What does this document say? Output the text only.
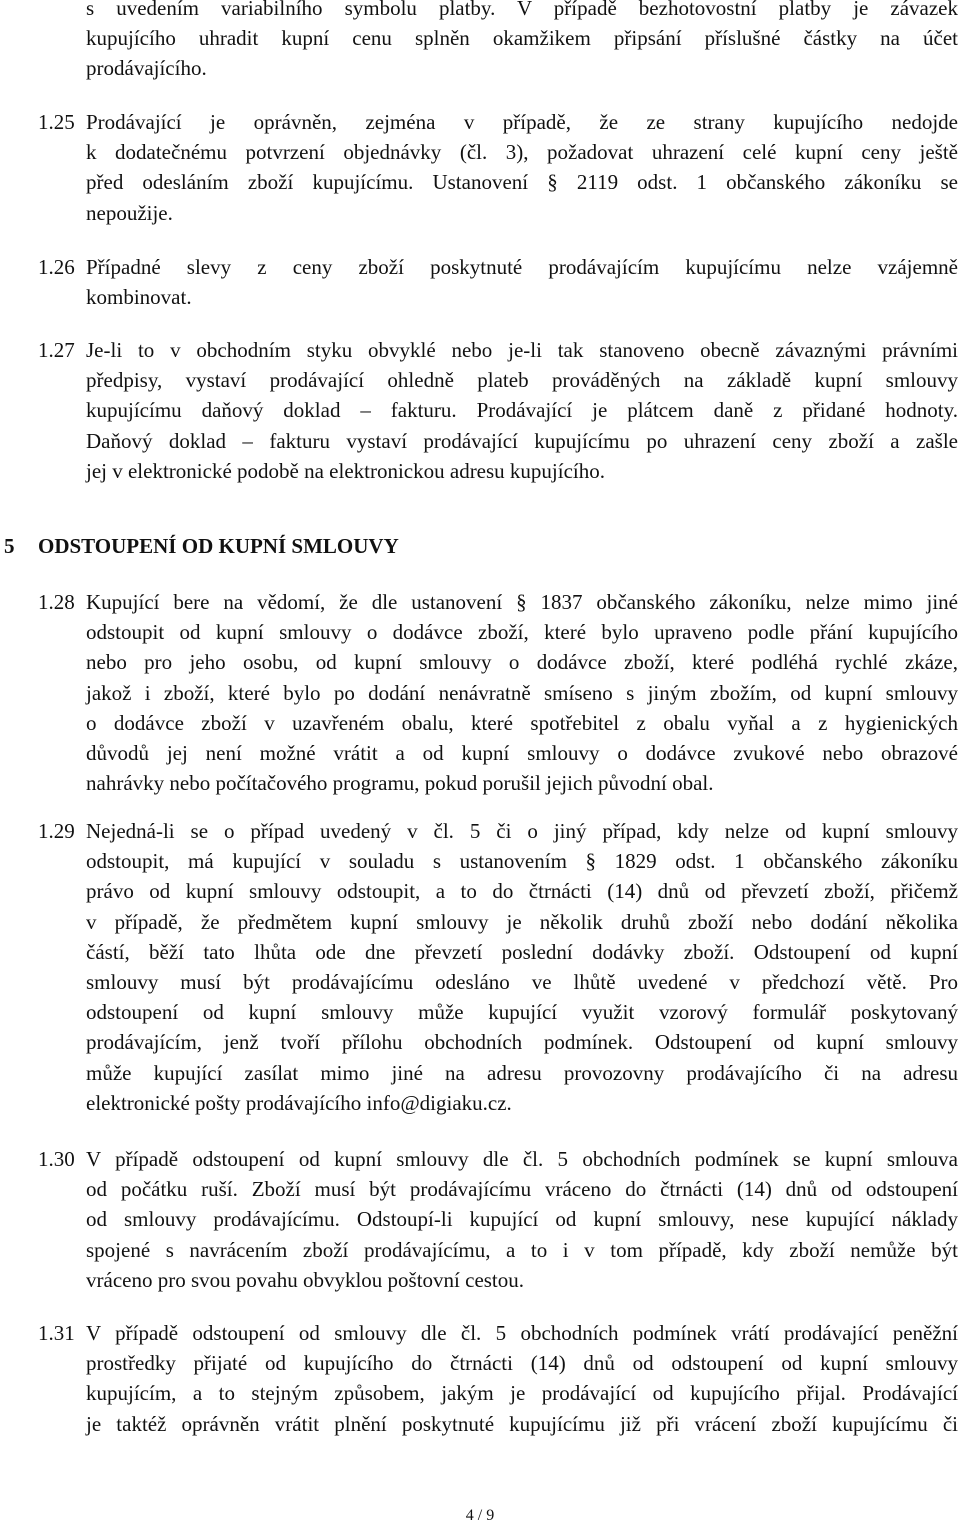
s uvedením variabilního symbolu platby. V případě bezhotovostní platby je závazek
kupujícího uhradit kupní cenu splněn okamžikem připsání příslušné částky na účet
prodávajícího.
1.25 Prodávající je oprávněn, zejména v případě, že ze strany kupujícího nedojde
k dodatečnému potvrzení objednávky (čl. 3), požadovat uhrazení celé kupní ceny ještě
před odesláním zboží kupujícímu. Ustanovení § 2119 odst. 1 občanského zákoníku se
nepoužije.
1.26 Případné slevy z ceny zboží poskytnuté prodávajícím kupujícímu nelze vzájemně
kombinovat.
1.27 Je-li to v obchodním styku obvyklé nebo je-li tak stanoveno obecně závaznými právními
předpisy, vystaví prodávající ohledně plateb prováděných na základě kupní smlouvy
kupujícímu daňový doklad – fakturu. Prodávající je plátcem daně z přidané hodnoty.
Daňový doklad – fakturu vystaví prodávající kupujícímu po uhrazení ceny zboží a zašle
jej v elektronické podobě na elektronickou adresu kupujícího.
5 ODSTOUPENÍ OD KUPNÍ SMLOUVY
1.28 Kupující bere na vědomí, že dle ustanovení § 1837 občanského zákoníku, nelze mimo jiné
odstoupit od kupní smlouvy o dodávce zboží, které bylo upraveno podle přání kupujícího
nebo pro jeho osobu, od kupní smlouvy o dodávce zboží, které podléhá rychlé zkáze,
jakož i zboží, které bylo po dodání nenávratně smíseno s jiným zbožím, od kupní smlouvy
o dodávce zboží v uzavřeném obalu, které spotřebitel z obalu vyňal a z hygienických
důvodů jej není možné vrátit a od kupní smlouvy o dodávce zvukové nebo obrazové
nahrávky nebo počítačového programu, pokud porušil jejich původní obal.
1.29 Nejedná-li se o případ uvedený v čl. 5 či o jiný případ, kdy nelze od kupní smlouvy
odstoupit, má kupující v souladu s ustanovením § 1829 odst. 1 občanského zákoníku
právo od kupní smlouvy odstoupit, a to do čtrnácti (14) dnů od převzetí zboží, přičemž
v případě, že předmětem kupní smlouvy je několik druhů zboží nebo dodání několika
částí, běží tato lhůta ode dne převzetí poslední dodávky zboží. Odstoupení od kupní
smlouvy musí být prodávajícímu odesláno ve lhůtě uvedené v předchozí větě. Pro
odstoupení od kupní smlouvy může kupující využit vzorový formulář poskytovaný
prodávajícím, jenž tvoří přílohu obchodních podmínek. Odstoupení od kupní smlouvy
může kupující zasílat mimo jiné na adresu provozovny prodávajícího či na adresu
elektronické pošty prodávajícího info@digiaku.cz.
1.30 V případě odstoupení od kupní smlouvy dle čl. 5 obchodních podmínek se kupní smlouva
od počátku ruší. Zboží musí být prodávajícímu vráceno do čtrnácti (14) dnů od odstoupení
od smlouvy prodávajícímu. Odstoupí-li kupující od kupní smlouvy, nese kupující náklady
spojené s navrácením zboží prodávajícímu, a to i v tom případě, kdy zboží nemůže být
vráceno pro svou povahu obvyklou poštovní cestou.
1.31 V případě odstoupení od smlouvy dle čl. 5 obchodních podmínek vrátí prodávající peněžní
prostředky přijaté od kupujícího do čtrnácti (14) dnů od odstoupení od kupní smlouvy
kupujícím, a to stejným způsobem, jakým je prodávající od kupujícího přijal. Prodávající
je taktéž oprávněn vrátit plnění poskytnuté kupujícímu již při vrácení zboží kupujícímu či
4 / 9
